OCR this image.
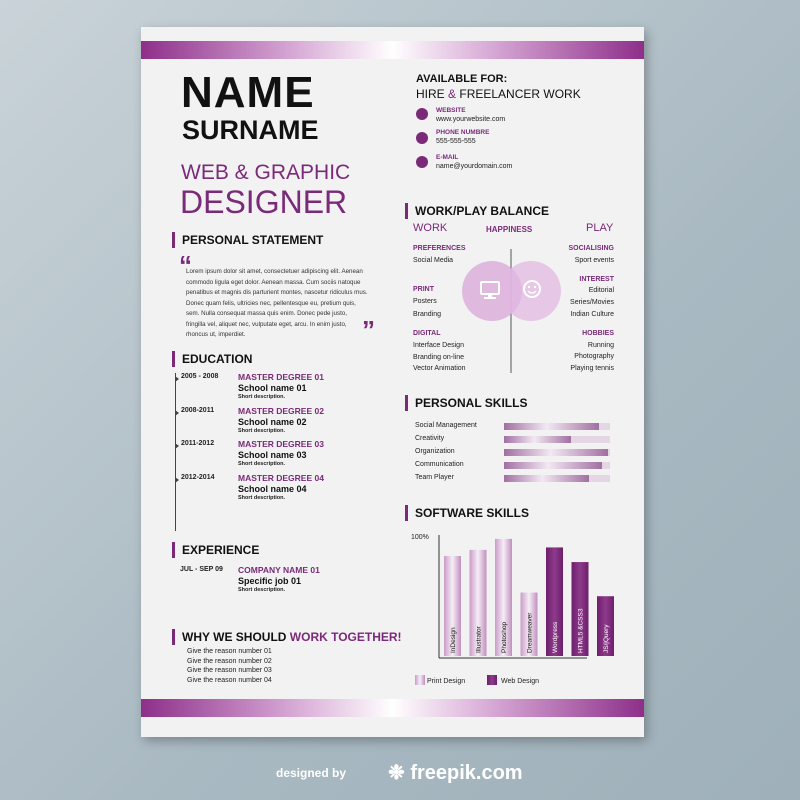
NAME
SURNAME
WEB & GRAPHIC
DESIGNER
PERSONAL STATEMENT
“
Lorem ipsum dolor sit amet, consectetuer adipiscing elit. Aenean commodo ligula eget dolor. Aenean massa. Cum sociis natoque penatibus et magnis dis parturient montes, nascetur ridiculus mus. Donec quam felis, ultricies nec, pellentesque eu, pretium quis, sem. Nulla consequat massa quis enim. Donec pede justo, fringilla vel, aliquet nec, vulputate eget, arcu. In enim justo, rhoncus ut, imperdiet.	”
EDUCATION
2005 - 2008 MASTER DEGREE 01
School name 01
Short description.
2008-2011	MASTER DEGREE 02
School name 02
Short description.
2011-2012	MASTER DEGREE 03
School name 03
Short description.
2012-2014	MASTER DEGREE 04
School name 04
Short description.
EXPERIENCE
JUL - SEP 09 COMPANY NAME 01
Specific job 01
Short description.
WHY WE SHOULD WORK TOGETHER!
Give the reason number 01
Give the reason number 02
Give the reason number 03
Give the reason number 04
AVAILABLE FOR:
HIRE & FREELANCER WORK
WEBSITE
www.yourwebsite.com
PHONE NUMBRE
555-555-555
E-MAIL
name@yourdomain.com
WORK/PLAY BALANCE
WORK	HAPPINESS	PLAY
PREFERENCES
Social Media
PRINT
Posters
Branding
DIGITAL
Interface Design
Branding on-line
Vector Animation
SOCIALISING
Sport events
INTEREST
Editorial
Series/Movies
Indian Culture
HOBBIES
Running
Photography
Playing tennis
PERSONAL SKILLS
Social Management
Creativity
Organization
Communication
Team Player
SOFTWARE SKILLS
100%
InDesign	Illustrator	Photoshop	Dreamweaver	Wordpress	HTML5 &CSS3	JS/jQuery
Print Design	Web Design
designed by ❉ freepik.com
